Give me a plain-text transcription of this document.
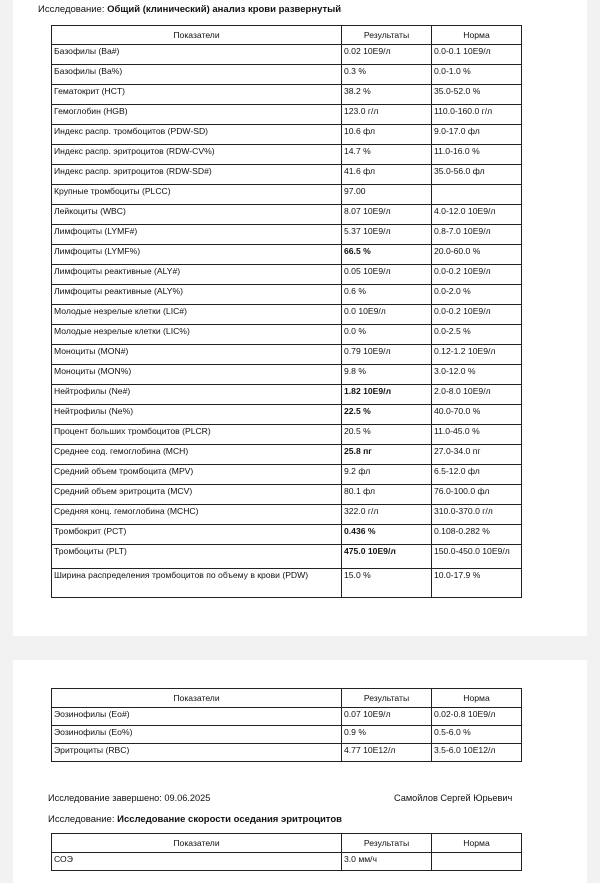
Исследование: Общий (клинический) анализ крови развернутый
Показатели	Результаты	Норма
Базофилы (Ba#)	0.02 10E9/л	0.0-0.1 10E9/л
Базофилы (Ba%)	0.3 %	0.0-1.0 %
Гематокрит (HCT)	38.2 %	35.0-52.0 %
Гемоглобин (HGB)	123.0 г/л	110.0-160.0 г/л
Индекс распр. тромбоцитов (PDW-SD)	10.6 фл	9.0-17.0 фл
Индекс распр. эритроцитов (RDW-CV%)	14.7 %	11.0-16.0 %
Индекс распр. эритроцитов (RDW-SD#)	41.6 фл	35.0-56.0 фл
Крупные тромбоциты (PLCC)	97.00	
Лейкоциты (WBC)	8.07 10E9/л	4.0-12.0 10E9/л
Лимфоциты (LYMF#)	5.37 10E9/л	0.8-7.0 10E9/л
Лимфоциты (LYMF%)	66.5 %	20.0-60.0 %
Лимфоциты реактивные (ALY#)	0.05 10E9/л	0.0-0.2 10E9/л
Лимфоциты реактивные (ALY%)	0.6 %	0.0-2.0 %
Молодые незрелые клетки (LIC#)	0.0 10E9/л	0.0-0.2 10E9/л
Молодые незрелые клетки (LIC%)	0.0 %	0.0-2.5 %
Моноциты (MON#)	0.79 10E9/л	0.12-1.2 10E9/л
Моноциты (MON%)	9.8 %	3.0-12.0 %
Нейтрофилы (Ne#)	1.82 10E9/л	2.0-8.0 10E9/л
Нейтрофилы (Ne%)	22.5 %	40.0-70.0 %
Процент больших тромбоцитов (PLCR)	20.5 %	11.0-45.0 %
Среднее сод. гемоглобина (MCH)	25.8 пг	27.0-34.0 пг
Средний объем тромбоцита (MPV)	9.2 фл	6.5-12.0 фл
Средний объем эритроцита (MCV)	80.1 фл	76.0-100.0 фл
Средняя конц. гемоглобина (MCHC)	322.0 г/л	310.0-370.0 г/л
Тромбокрит (PCT)	0.436 %	0.108-0.282 %
Тромбоциты (PLT)	475.0 10E9/л	150.0-450.0 10E9/л
Ширина распределения тромбоцитов по объему в крови (PDW)	15.0 %	10.0-17.9 %
Показатели	Результаты	Норма
Эозинофилы (Eo#)	0.07 10E9/л	0.02-0.8 10E9/л
Эозинофилы (Eo%)	0.9 %	0.5-6.0 %
Эритроциты (RBC)	4.77 10E12/л	3.5-6.0 10E12/л
Исследование завершено: 09.06.2025	Самойлов Сергей Юрьевич
Исследование: Исследование скорости оседания эритроцитов
Показатели	Результаты	Норма
СОЭ	3.0 мм/ч	
